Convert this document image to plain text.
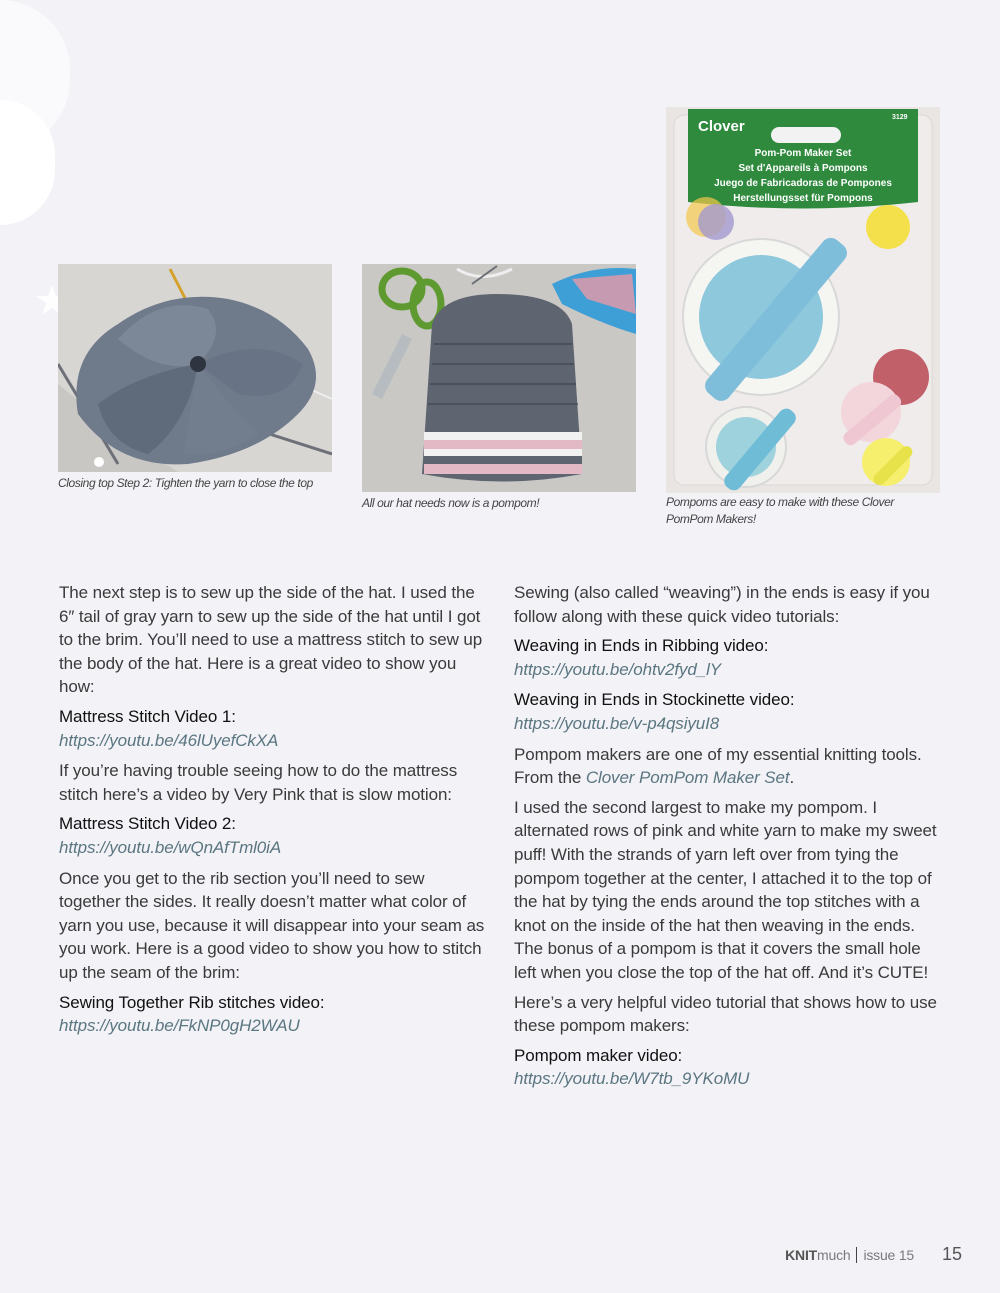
Closing top Step 2: Tighten the yarn to close the top
All our hat needs now is a pompom!
Clover
3129
Pom-Pom Maker Set
Set d'Appareils à Pompons
Juego de Fabricadoras de Pompones
Herstellungsset für Pompons
Pompoms are easy to make with these Clover PomPom Makers!

The next step is to sew up the side of the hat. I used the 6″ tail of gray yarn to sew up the side of the hat until I got to the brim. You’ll need to use a mattress stitch to sew up the body of the hat. Here is a great video to show you how:

Mattress Stitch Video 1:
https://youtu.be/46lUyefCkXA

If you’re having trouble seeing how to do the mattress stitch here’s a video by Very Pink that is slow motion:

Mattress Stitch Video 2:
https://youtu.be/wQnAfTml0iA

Once you get to the rib section you’ll need to sew together the sides. It really doesn’t matter what color of yarn you use, because it will disappear into your seam as you work. Here is a good video to show you how to stitch up the seam of the brim:

Sewing Together Rib stitches video:
https://youtu.be/FkNP0gH2WAU

Sewing (also called “weaving”) in the ends is easy if you follow along with these quick video tutorials:

Weaving in Ends in Ribbing video:
https://youtu.be/ohtv2fyd_lY
Weaving in Ends in Stockinette video:
https://youtu.be/v-p4qsiyuI8

Pompom makers are one of my essential knitting tools. From the Clover PomPom Maker Set.

I used the second largest to make my pompom. I alternated rows of pink and white yarn to make my sweet puff! With the strands of yarn left over from tying the pompom together at the center, I attached it to the top of the hat by tying the ends around the top stitches with a knot on the inside of the hat then weaving in the ends. The bonus of a pompom is that it covers the small hole left when you close the top of the hat off. And it’s CUTE!

Here’s a very helpful video tutorial that shows how to use these pompom makers:

Pompom maker video:
https://youtu.be/W7tb_9YKoMU
KNITmuch issue 15 15
